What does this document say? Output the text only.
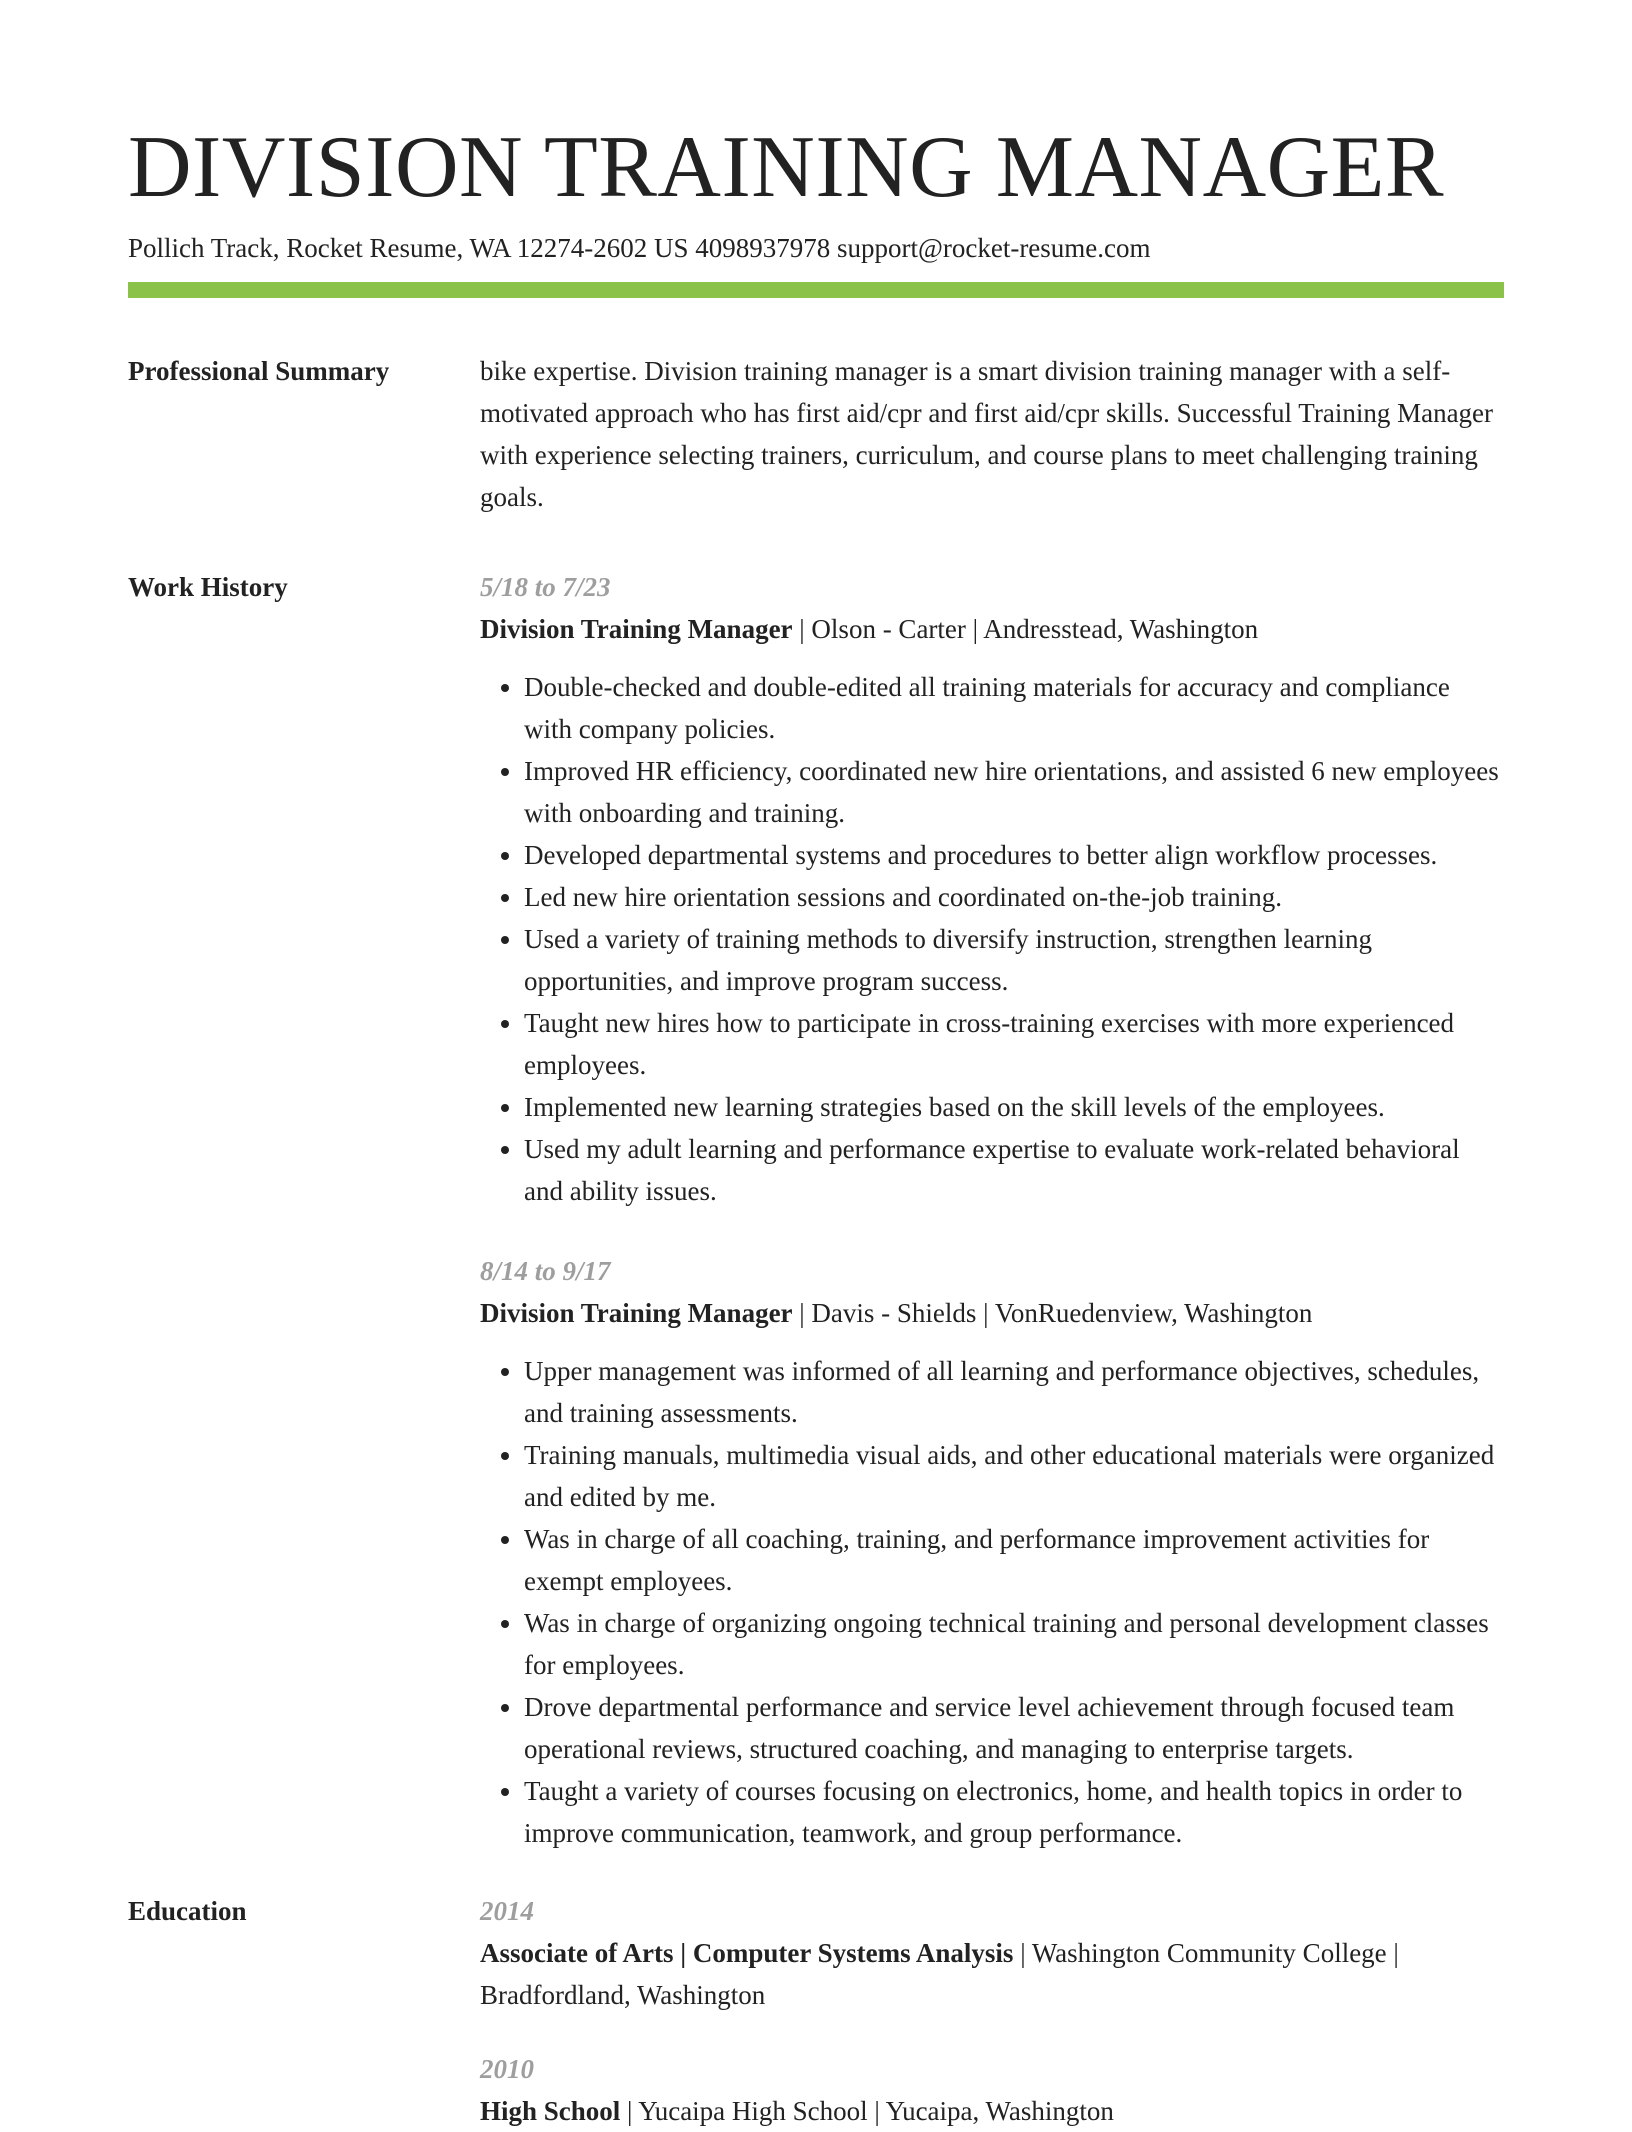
DIVISION TRAINING MANAGER
Pollich Track, Rocket Resume, WA 12274-2602 US 4098937978 support@rocket-resume.com
Professional Summary	bike expertise. Division training manager is a smart division training manager with a self-motivated approach who has first aid/cpr and first aid/cpr skills. Successful Training Manager with experience selecting trainers, curriculum, and course plans to meet challenging training goals.
Work History	5/18 to 7/23
Division Training Manager | Olson - Carter | Andresstead, Washington
• Double-checked and double-edited all training materials for accuracy and compliance with company policies.
• Improved HR efficiency, coordinated new hire orientations, and assisted 6 new employees with onboarding and training.
• Developed departmental systems and procedures to better align workflow processes.
• Led new hire orientation sessions and coordinated on-the-job training.
• Used a variety of training methods to diversify instruction, strengthen learning opportunities, and improve program success.
• Taught new hires how to participate in cross-training exercises with more experienced employees.
• Implemented new learning strategies based on the skill levels of the employees.
• Used my adult learning and performance expertise to evaluate work-related behavioral and ability issues.
8/14 to 9/17
Division Training Manager | Davis - Shields | VonRuedenview, Washington
• Upper management was informed of all learning and performance objectives, schedules, and training assessments.
• Training manuals, multimedia visual aids, and other educational materials were organized and edited by me.
• Was in charge of all coaching, training, and performance improvement activities for exempt employees.
• Was in charge of organizing ongoing technical training and personal development classes for employees.
• Drove departmental performance and service level achievement through focused team operational reviews, structured coaching, and managing to enterprise targets.
• Taught a variety of courses focusing on electronics, home, and health topics in order to improve communication, teamwork, and group performance.
Education	2014
Associate of Arts | Computer Systems Analysis | Washington Community College | Bradfordland, Washington
2010
High School | Yucaipa High School | Yucaipa, Washington
